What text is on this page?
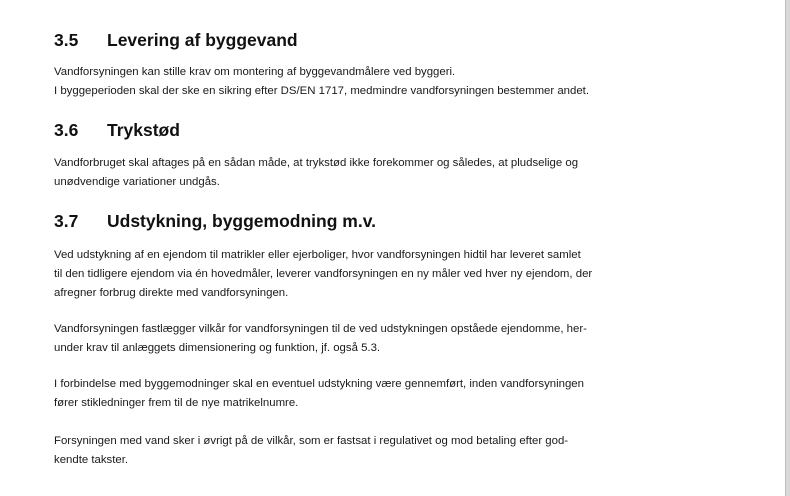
3.5 Levering af byggevand
Vandforsyningen kan stille krav om montering af byggevandmålere ved byggeri.
I byggeperioden skal der ske en sikring efter DS/EN 1717, medmindre vandforsyningen bestemmer andet.
3.6 Trykstød
Vandforbruget skal aftages på en sådan måde, at trykstød ikke forekommer og således, at pludselige og
unødvendige variationer undgås.
3.7 Udstykning, byggemodning m.v.
Ved udstykning af en ejendom til matrikler eller ejerboliger, hvor vandforsyningen hidtil har leveret samlet
til den tidligere ejendom via én hovedmåler, leverer vandforsyningen en ny måler ved hver ny ejendom, der
afregner forbrug direkte med vandforsyningen.
Vandforsyningen fastlægger vilkår for vandforsyningen til de ved udstykningen opståede ejendomme, her-
under krav til anlæggets dimensionering og funktion, jf. også 5.3.
I forbindelse med byggemodninger skal en eventuel udstykning være gennemført, inden vandforsyningen
fører stikledninger frem til de nye matrikelnumre.
Forsyningen med vand sker i øvrigt på de vilkår, som er fastsat i regulativet og mod betaling efter god-
kendte takster.
